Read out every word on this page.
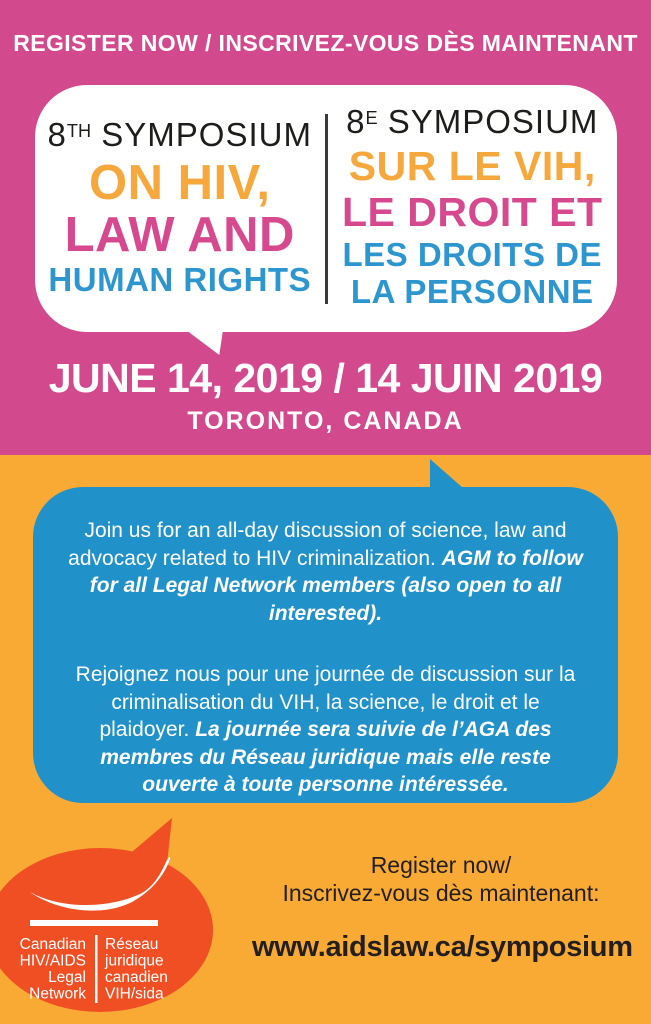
REGISTER NOW / INSCRIVEZ-VOUS DÈS MAINTENANT
8TH SYMPOSIUM
ON HIV,
LAW AND
HUMAN RIGHTS
$8^E$ SYMPOSIUM
SUR LE VIH,
LE DROIT ET
LES DROITS DE
LA PERSONNE
JUNE 14, 2019 / 14 JUIN 2019
TORONTO, CANADA

Join us for an all-day discussion of science, law and advocacy related to HIV criminalization. AGM to follow for all Legal Network members (also open to all interested).

Rejoignez nous pour une journée de discussion sur la criminalisation du VIH, la science, le droit et le plaidoyer. La journée sera suivie de l’AGA des membres du Réseau juridique mais elle reste ouverte à toute personne intéressée.

Canadian
HIV/AIDS
Legal
Network
Réseau
juridique
canadien
VIH/sida
Register now/
Inscrivez-vous dès maintenant:
www.aidslaw.ca/symposium
